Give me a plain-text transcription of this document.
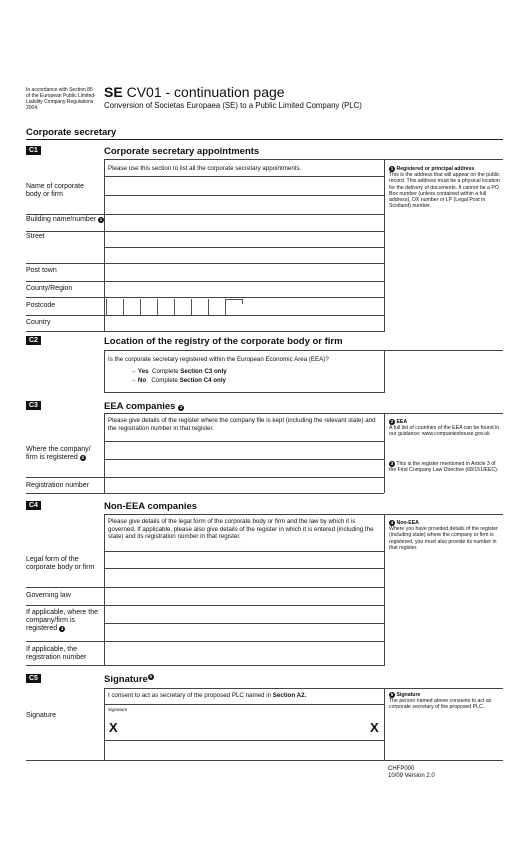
In accordance with Section 85 of the European Public Limited-Liability Company Regulations 2004.
SE CV01 - continuation page
Conversion of Societas Europaea (SE) to a Public Limited Company (PLC)
Corporate secretary
C1	Corporate secretary appointments
Please use this section to list all the corporate secretary appointments.
Name of corporate body or firm
Building name/number 1
Street
Post town
County/Region
Postcode
Country
1 Registered or principal address
This is the address that will appear on the public record. This address must be a physical location for the delivery of documents. It cannot be a PO Box number (unless contained within a full address), DX number or LP (Legal Post in Scotland) number.
C2	Location of the registry of the corporate body or firm
Is the corporate secretary registered within the European Economic Area (EEA)?
→ Yes Complete Section C3 only
→ No Complete Section C4 only
C3	EEA companies 2
Please give details of the register where the company file is kept (including the relevant state) and the registration number in that register.
Where the company/ firm is registered 3
Registration number
2 EEA
A full list of countries of the EEA can be found in our guidance: www.companieshouse.gov.uk
3 This is the register mentioned in Article 3 of the First Company Law Directive (68/151/EEC).
C4	Non-EEA companies
Please give details of the legal form of the corporate body or firm and the law by which it is governed. If applicable, please also give details of the register in which it is entered (including the state) and its registration number in that register.
Legal form of the corporate body or firm
Governing law
If applicable, where the company/firm is registered 4
If applicable, the registration number
4 Non-EEA
Where you have provided details of the register (including state) where the company or firm is registered, you must also provide its number in that register.
C5	Signature 5
I consent to act as secretary of the proposed PLC named in Section A2.
Signature
Signature
X	X
5 Signature
The person named above consents to act as corporate secretary of the proposed PLC.
CHFP000
10/09 Version 2.0
